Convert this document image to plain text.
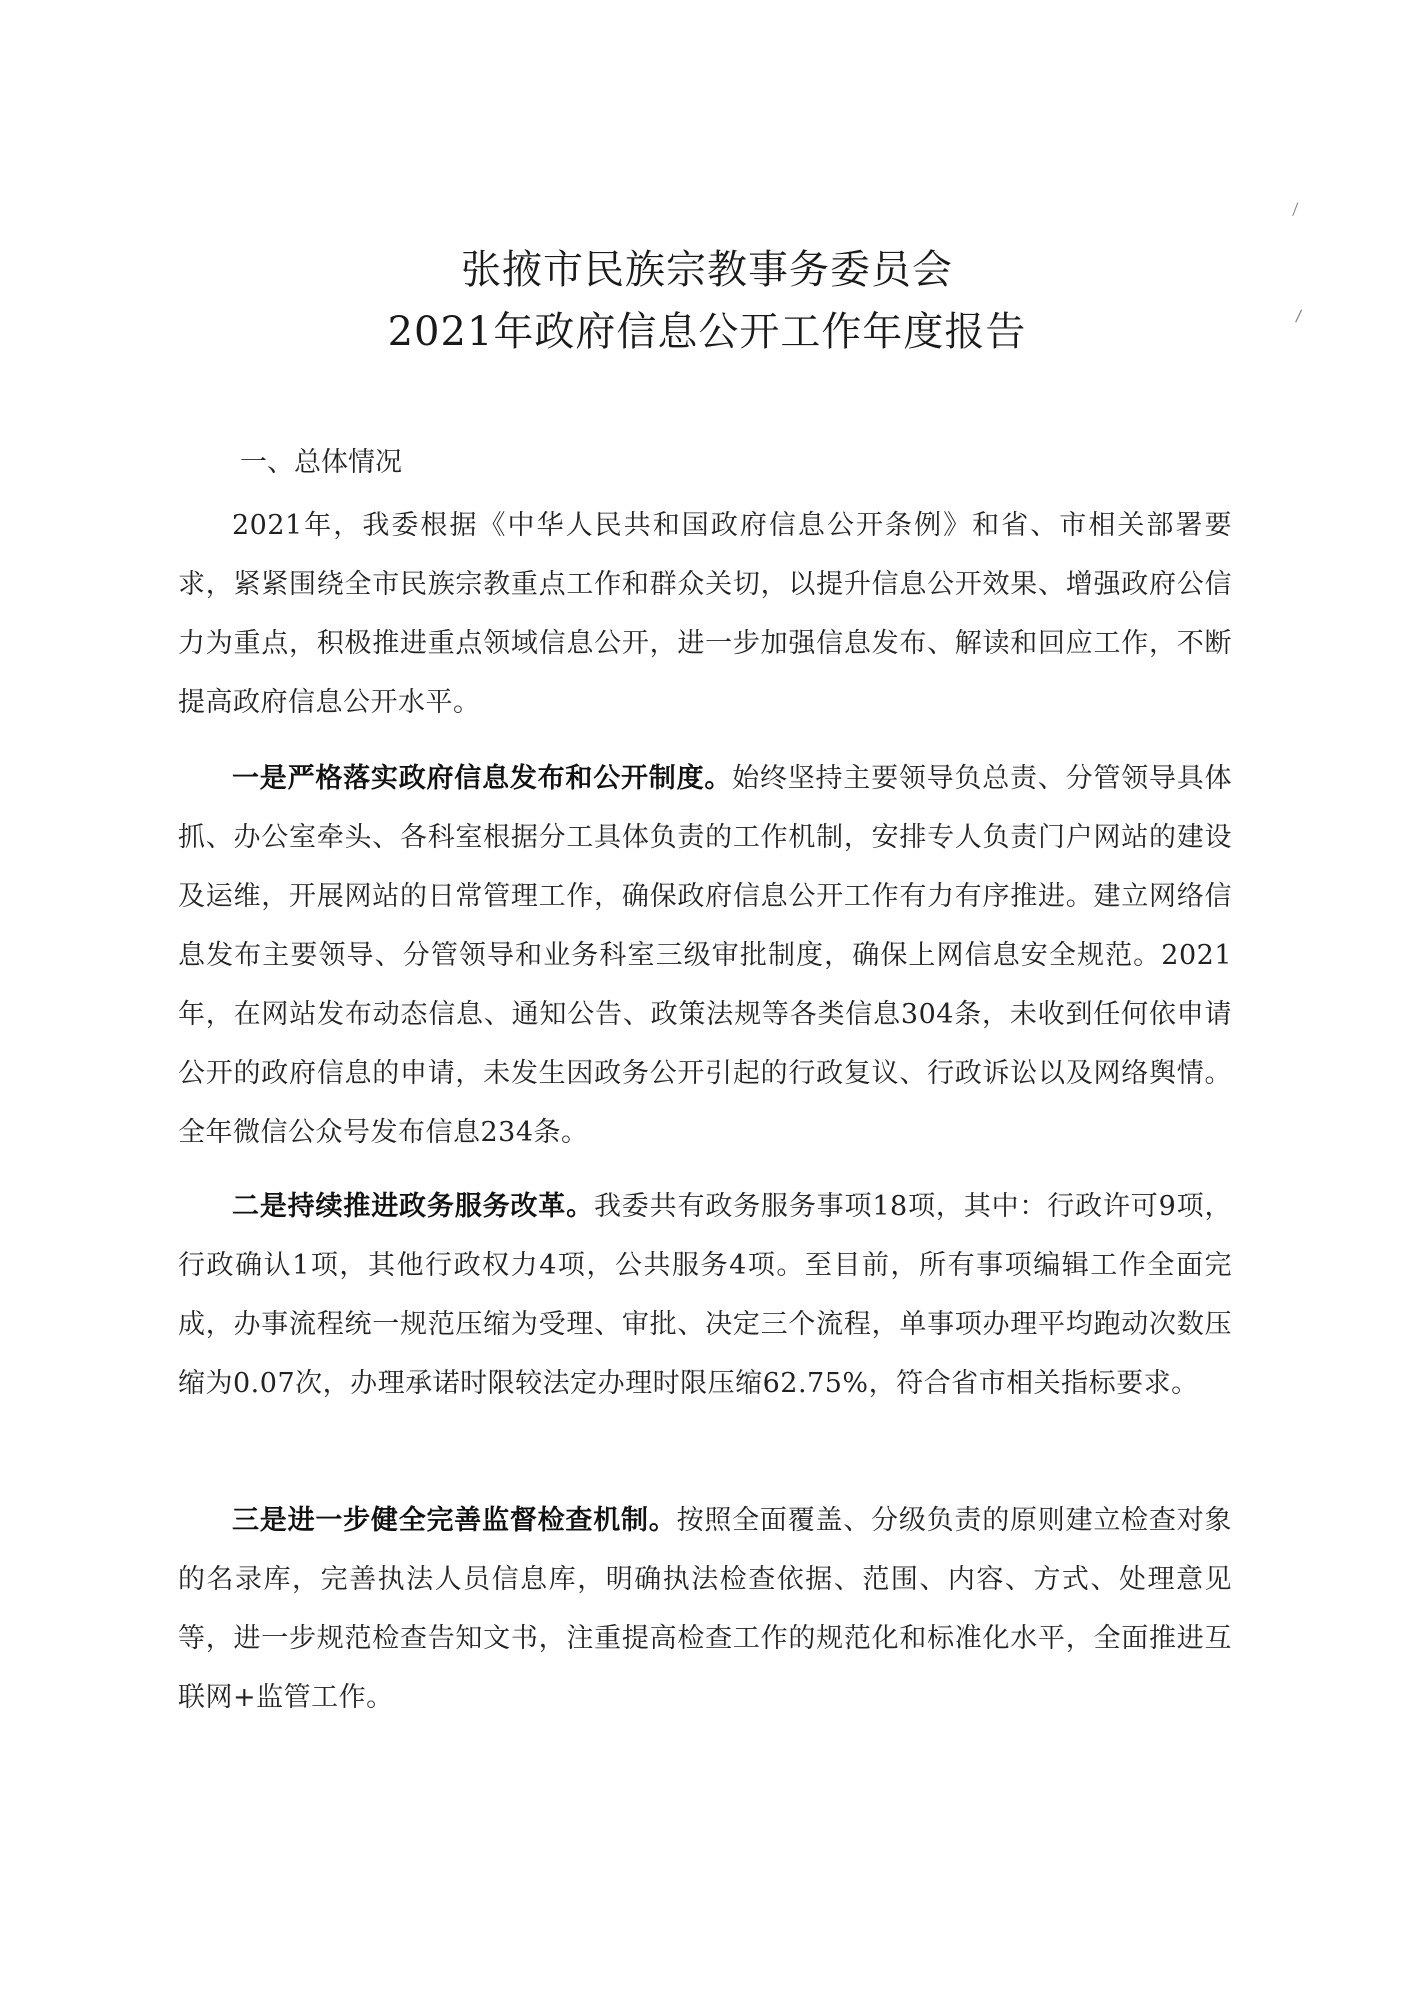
⁄
∕
张掖市民族宗教事务委员会
2021年政府信息公开工作年度报告
一、总体情况

2021年，我委根据《中华人民共和国政府信息公开条例》和省、市相关部署要求，紧紧围绕全市民族宗教重点工作和群众关切，以提升信息公开效果、增强政府公信力为重点，积极推进重点领域信息公开，进一步加强信息发布、解读和回应工作，不断提高政府信息公开水平。

一是严格落实政府信息发布和公开制度。始终坚持主要领导负总责、分管领导具体抓、办公室牵头、各科室根据分工具体负责的工作机制，安排专人负责门户网站的建设及运维，开展网站的日常管理工作，确保政府信息公开工作有力有序推进。建立网络信息发布主要领导、分管领导和业务科室三级审批制度，确保上网信息安全规范。2021年，在网站发布动态信息、通知公告、政策法规等各类信息304条，未收到任何依申请公开的政府信息的申请，未发生因政务公开引起的行政复议、行政诉讼以及网络舆情。全年微信公众号发布信息234条。

二是持续推进政务服务改革。我委共有政务服务事项18项，其中：行政许可9项，行政确认1项，其他行政权力4项，公共服务4项。至目前，所有事项编辑工作全面完成，办事流程统一规范压缩为受理、审批、决定三个流程，单事项办理平均跑动次数压缩为0.07次，办理承诺时限较法定办理时限压缩62.75%，符合省市相关指标要求。

三是进一步健全完善监督检查机制。按照全面覆盖、分级负责的原则建立检查对象的名录库，完善执法人员信息库，明确执法检查依据、范围、内容、方式、处理意见等，进一步规范检查告知文书，注重提高检查工作的规范化和标准化水平，全面推进互联网+监管工作。
